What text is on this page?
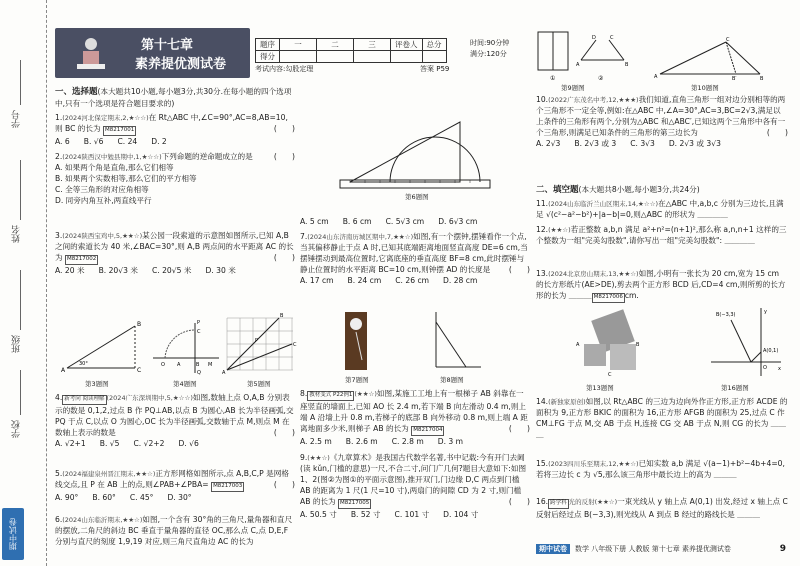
学号
姓名
班级
学校
期中试卷
第十七章
素养提优测试卷
题序	一	二	三	评卷人	总分
得分					
时间:90分钟
满分:120分
考试内容:勾股定理	答案 P59
一、选择题(本大题共10小题,每小题3分,共30分.在每小题的四个选项中,只有一个选项是符合题目要求的)
1.(2024河北保定期末,2,★☆☆)在 Rt△ABC 中,∠C=90°,AC=8,AB=10,则 BC 的长为 M8217001	(　　)

A. 6 B. √6 C. 24 D. 2
2.(2024陕西汉中勉县期中,1,★☆☆)下列命题的逆命题成立的是	(　　)

A. 如果两个角是直角,那么它们相等
B. 如果两个实数相等,那么它们的平方相等
C. 全等三角形的对应角相等
D. 同旁内角互补,两直线平行
3.(2024陕西宝鸡中,5,★★☆)某公园一段索道的示意图如图所示,已知 A,B 之间的索道长为 40 米,∠BAC=30°,则 A,B 两点间的水平距离 AC 的长为 M8217002	(　　)

A. 20 米 B. 20√3 米 C. 20√5 米 D. 30 米
A
B
C
30°
P
C
O A	B M
Q	A
B
C
P
第3题图	第4题图	第5题图
4. 新考向 阅读理解 (2024广东深圳期中,5,★☆☆)如图,数轴上点 O,A,B 分别表示的数是 0,1,2,过点 B 作 PQ⊥AB,以点 B 为圆心,AB 长为半径画弧,交 PQ 于点 C,以点 O 为圆心,OC 长为半径画弧,交数轴于点 M,则点 M 在数轴上表示的数是	(　　)

A. √2+1 B. √5 C. √2+2 D. √6
5.(2024福建泉州晋江期末,★★☆)正方形网格如图所示,点 A,B,C,P 是网格线交点,且 P 在 AB 上的点,则∠PAB+∠PBA= M8217003	(　　)

A. 90° B. 60° C. 45° D. 30°
6.(2024山东临沂期末,★★☆)如图,一个含有 30°角的三角尺,量角器和直尺的摆放,二角尺的斜边 BC 垂直于量角器的直径 OC,那么点 C,点 D,E,F 分别与直尺的刻度 1,9,19 对应,则三角尺直角边 AC 的长为
第6题图
A. 5 cm B. 6 cm C. 5√3 cm D. 6√3 cm
7.(2024山东济南历城区期中,7,★★☆)如图,有一个摆钟,摆锤看作一个点,当其偏移静止于点 A 时,已知其底端距离地面竖直高度 DE=6 cm,当摆锤摆动到最高位置时,它离底座的垂直高度 BF=8 cm,此时摆锤与静止位置时的水平距离 BC=10 cm,则钟摆 AD 的长度是 (　　)

A. 17 cm B. 24 cm C. 26 cm D. 28 cm
第7题图	第8题图
8. 教材变式 P22例1 (★★☆)如图,某施工工地上有一根梯子 AB 斜靠在一座竖直的墙面上,已知 AO 长 2.4 m,若下端 B 向左滑动 0.4 m,则上端 A 沿墙上升 0.8 m,若梯子的底部 B 向外移动 0.8 m,则上端 A 距离地面多少米,则梯子 AB 的长为 M8217004	(　　)

A. 2.5 m B. 2.6 m C. 2.8 m D. 3 m
9.(★★☆)《九章算术》是我国古代数学名著,书中记载:今有开门去阃(读 kǔn,门槛的意思)一尺,不合二寸,问门广几何?题目大意如下:如图1、2(图②为图①的平面示意图),推开双门,门边缘 D,C 两点到门槛 AB 的距离为 1 尺(1 尺=10 寸),两扇门的间隙 CD 为 2 寸,则门槛 AB 的长为 M8217005	(　　)

A. 50.5 寸 B. 52 寸 C. 101 寸 D. 104 寸
①	②
A	B
D	C
A
C
B
B′
第9题图	第10题图
10.(2022广东茂名中考,12,★★★)我们知道,直角三角形一组对边分别相等的两个三角形不一定全等,例如:在△ABC 中,∠A=30°,AC=3,BC=2√3,满足以上条件的三角形有两个,分别为△ABC 和△ABC′,已知这两个三角形中各有一个三角形,则满足已知条件的三角形的第三边长为	(　　)

A. 2√3 B. 2√3 或 3 C. 3√3 D. 2√3 或 3√3
二、填空题(本大题共8小题,每小题3分,共24分)
11.(2024山东临沂兰山区期末,14,★☆☆)在△ABC 中,a,b,c 分别为三边长,且满足 √(c²−a²−b²)+|a−b|=0,则△ABC 的形状为 ＿＿＿＿
12.(★★☆)若正整数 a,b,n 满足 a²+n²=(n+1)²,那么称 a,n,n+1 这样的三个整数为一组"完美勾股数",请你写出一组"完美勾股数": ＿＿＿＿
13.(2024北京房山期末,13,★★☆)如图,小明有一张长为 20 cm,宽为 15 cm 的长方形纸片(AE>DE),剪去两个正方形 BCD 后,CD=4 cm,则所剪的长方形的长为 ＿＿＿ M8217006 cm.
A	B
C
B(−3,3)
A(0,1)
O x
y
第13题图	第16题图
14.(新独家原创)如图,以 Rt△ABC 的三边为边向外作正方形,正方形 ACDE 的面积为 9,正方形 BKIC 的面积为 16,正方形 AFGB 的面积为 25,过点 C 作 CM⊥FG 于点 M,交 AB 于点 H,连接 CG 交 AB 于点 N,则 CG 的长为 ＿＿＿
15.(2023四川乐至期末,12,★★☆)已知实数 a,b 满足 √(a−1)+b²−4b+4=0,若将三边长 c 为 √5,那么该三角形中最长边上的高为 ＿＿＿
16. 跨学科 光的反射(★★☆)一束光线从 y 轴上点 A(0,1) 出发,经过 x 轴上点 C 反射后经过点 B(−3,3),则光线从 A 到点 B 经过的路线长是 ＿＿＿
期中试卷	数学
八年级下册
人教版
第十七章
素养提优测试卷	9
